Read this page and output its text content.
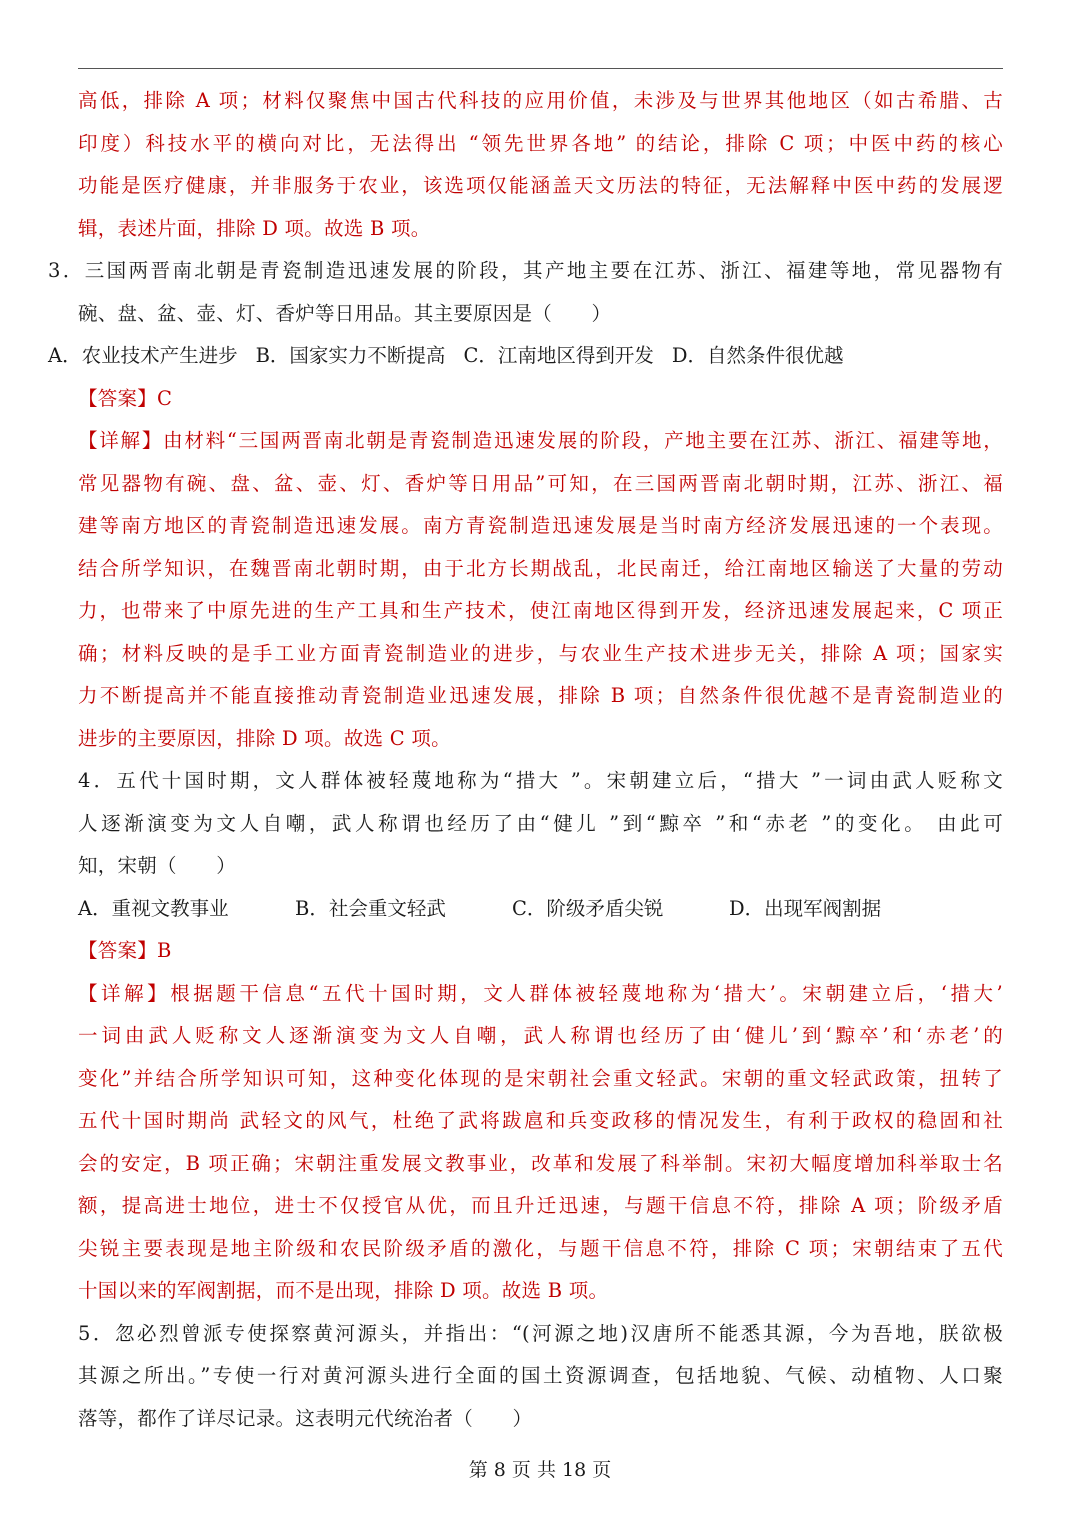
高低，排除 A 项；材料仅聚焦中国古代科技的应用价值，未涉及与世界其他地区（如古希腊、古
印度）科技水平的横向对比，无法得出 “领先世界各地” 的结论，排除 C 项；中医中药的核心
功能是医疗健康，并非服务于农业，该选项仅能涵盖天文历法的特征，无法解释中医中药的发展逻
辑，表述片面，排除 D 项。故选 B 项。
3．三国两晋南北朝是青瓷制造迅速发展的阶段，其产地主要在江苏、浙江、福建等地，常见器物有
碗、盘、盆、壶、灯、香炉等日用品。其主要原因是（　　）
A．农业技术产生进步 B．国家实力不断提高 C．江南地区得到开发 D．自然条件很优越
【答案】C
【详解】由材料“三国两晋南北朝是青瓷制造迅速发展的阶段，产地主要在江苏、浙江、福建等地，
常见器物有碗、盘、盆、壶、灯、香炉等日用品”可知，在三国两晋南北朝时期，江苏、浙江、福
建等南方地区的青瓷制造迅速发展。南方青瓷制造迅速发展是当时南方经济发展迅速的一个表现。
结合所学知识，在魏晋南北朝时期，由于北方长期战乱，北民南迁，给江南地区输送了大量的劳动
力，也带来了中原先进的生产工具和生产技术，使江南地区得到开发，经济迅速发展起来，C 项正
确；材料反映的是手工业方面青瓷制造业的进步，与农业生产技术进步无关，排除 A 项；国家实
力不断提高并不能直接推动青瓷制造业迅速发展，排除 B 项；自然条件很优越不是青瓷制造业的
进步的主要原因，排除 D 项。故选 C 项。
4．五代十国时期，文人群体被轻蔑地称为“措大 ”。宋朝建立后，“措大 ”一词由武人贬称文
人逐渐演变为文人自嘲，武人称谓也经历了由“健儿 ”到“黥卒 ”和“赤老 ”的变化。 由此可
知，宋朝（　　）
A．重视文教事业	B．社会重文轻武	C．阶级矛盾尖锐	D．出现军阀割据
【答案】B
【详解】根据题干信息“五代十国时期，文人群体被轻蔑地称为‘措大’。宋朝建立后，‘措大’
一词由武人贬称文人逐渐演变为文人自嘲，武人称谓也经历了由‘健儿’到‘黥卒’和‘赤老’的
变化”并结合所学知识可知，这种变化体现的是宋朝社会重文轻武。宋朝的重文轻武政策，扭转了
五代十国时期尚 武轻文的风气，杜绝了武将跋扈和兵变政移的情况发生，有利于政权的稳固和社
会的安定，B 项正确；宋朝注重发展文教事业，改革和发展了科举制。宋初大幅度增加科举取士名
额，提高进士地位，进士不仅授官从优，而且升迁迅速，与题干信息不符，排除 A 项；阶级矛盾
尖锐主要表现是地主阶级和农民阶级矛盾的激化，与题干信息不符，排除 C 项；宋朝结束了五代
十国以来的军阀割据，而不是出现，排除 D 项。故选 B 项。
5．忽必烈曾派专使探察黄河源头，并指出：“(河源之地)汉唐所不能悉其源，今为吾地，朕欲极
其源之所出。”专使一行对黄河源头进行全面的国土资源调查，包括地貌、气候、动植物、人口聚
落等，都作了详尽记录。这表明元代统治者（　　）
第 8 页 共 18 页
